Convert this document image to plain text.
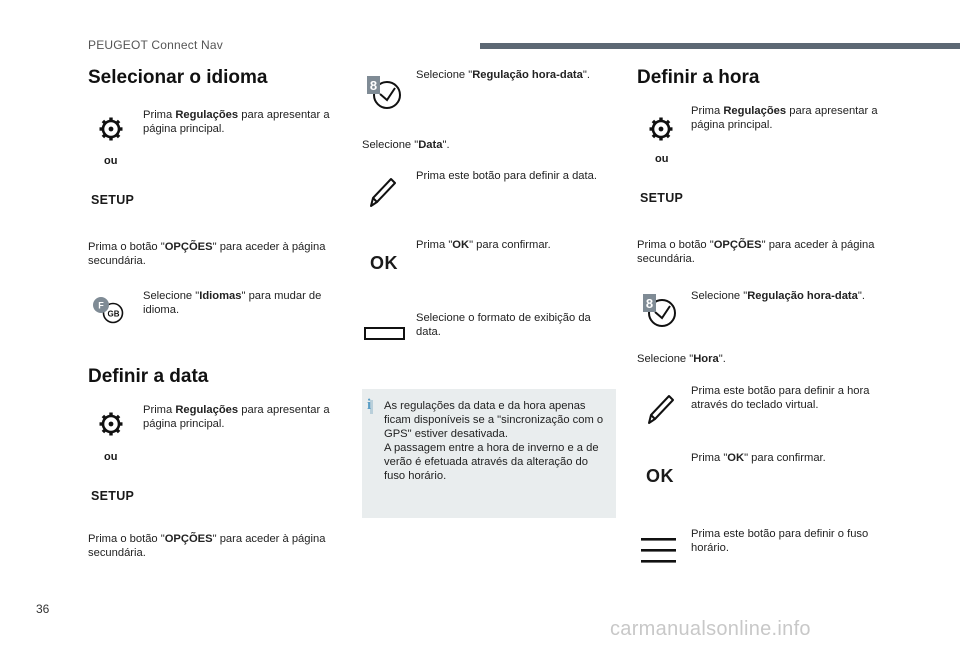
PEUGEOT Connect Nav
Selecionar o idioma
Prima Regulações para apresentar a página principal.
ou
SETUP
Prima o botão "OPÇÕES" para aceder à página secundária.
F
GB
Selecione "Idiomas" para mudar de idioma.
Definir a data
Prima Regulações para apresentar a página principal.
ou
SETUP
Prima o botão "OPÇÕES" para aceder à página secundária.
8
Selecione "Regulação hora-data".
Selecione "Data".
Prima este botão para definir a data.
OK
Prima "OK" para confirmar.
Selecione o formato de exibição da data.
i As regulações da data e da hora apenas ficam disponíveis se a "sincronização com o GPS" estiver desativada.
A passagem entre a hora de inverno e a de verão é efetuada através da alteração do fuso horário.
Definir a hora
Prima Regulações para apresentar a página principal.
ou
SETUP
Prima o botão "OPÇÕES" para aceder à página secundária.
8	Selecione "Regulação hora-data".
Selecione "Hora".
Prima este botão para definir a hora através do teclado virtual.
OK
Prima "OK" para confirmar.
Prima este botão para definir o fuso horário.
36
carmanualsonline.info
